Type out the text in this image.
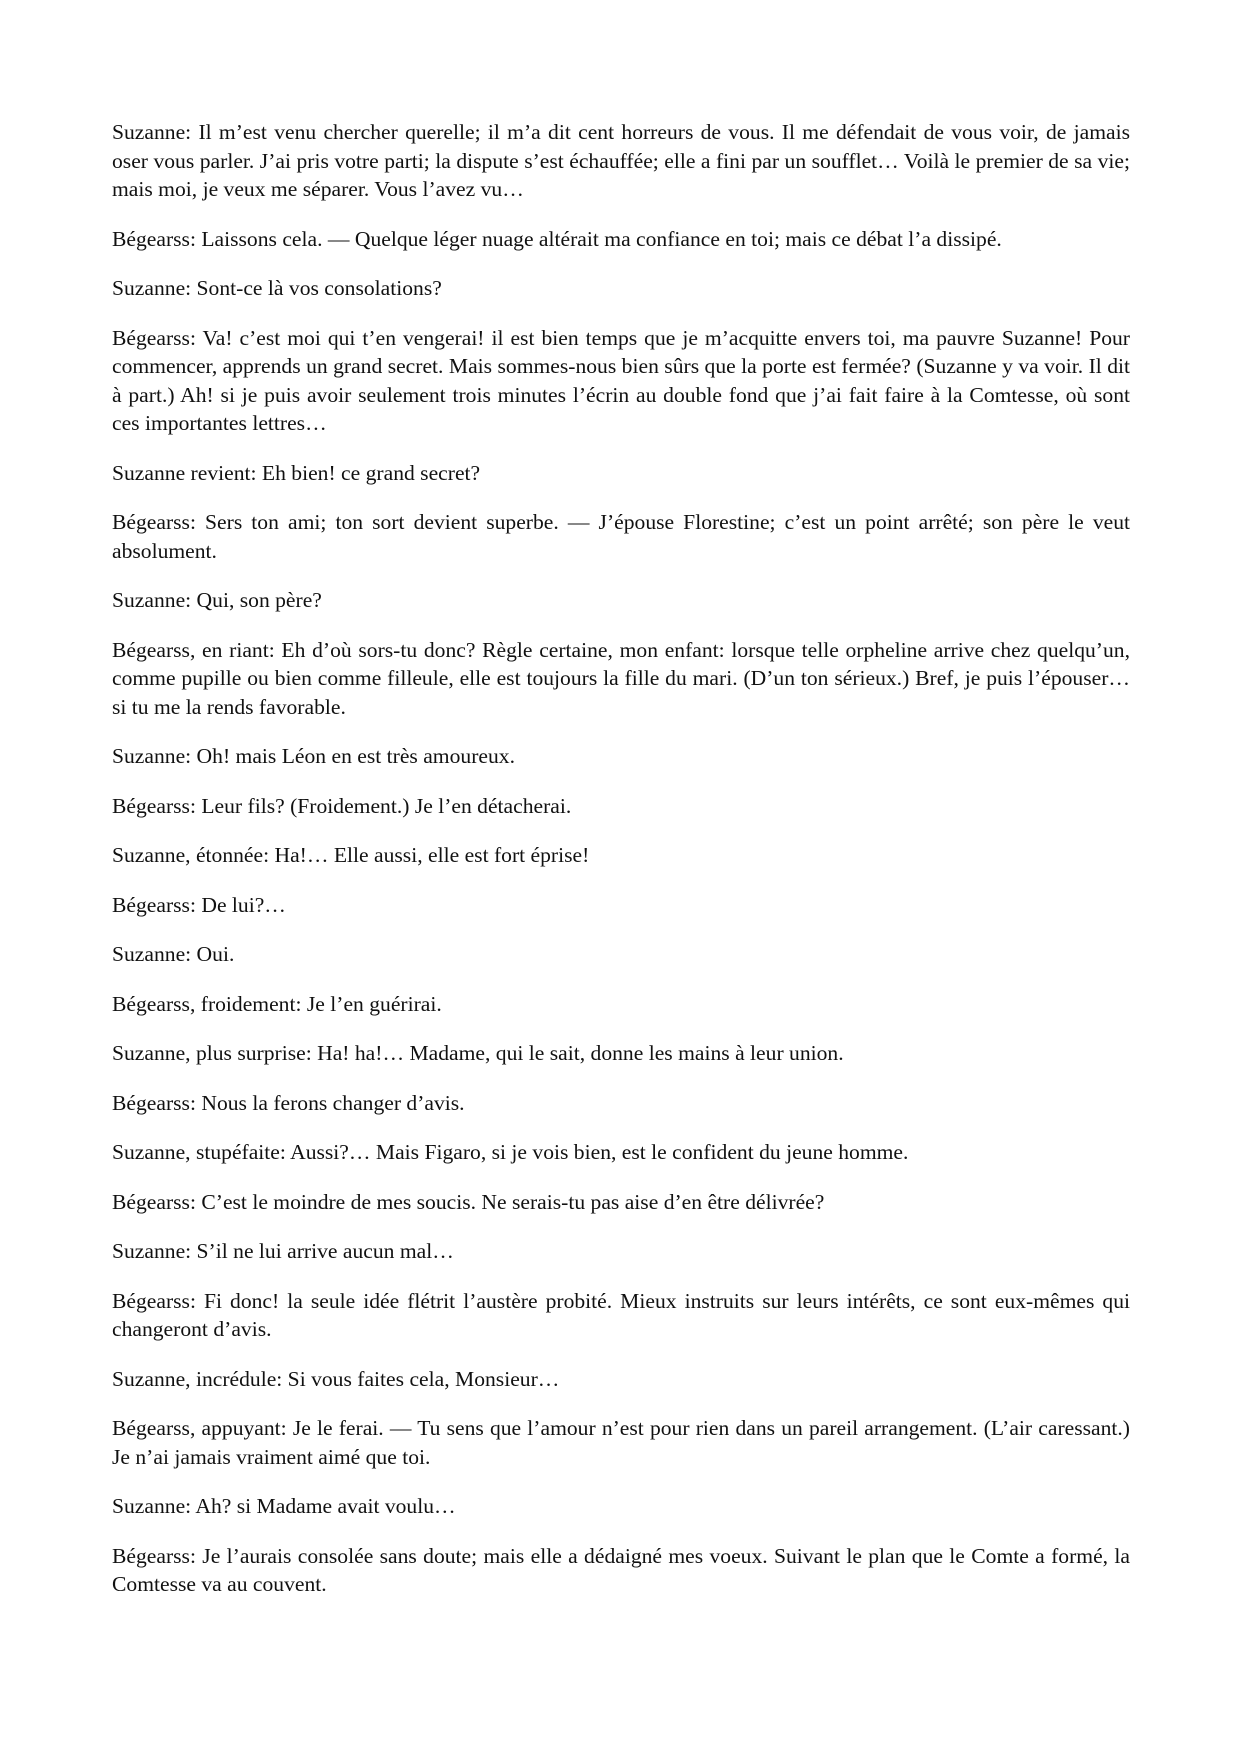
Suzanne: Il m’est venu chercher querelle; il m’a dit cent horreurs de vous. Il me défendait de vous voir, de jamais oser vous parler. J’ai pris votre parti; la dispute s’est échauffée; elle a fini par un soufflet… Voilà le premier de sa vie; mais moi, je veux me séparer. Vous l’avez vu…

Bégearss: Laissons cela. — Quelque léger nuage altérait ma confiance en toi; mais ce débat l’a dissipé.

Suzanne: Sont-ce là vos consolations?

Bégearss: Va! c’est moi qui t’en vengerai! il est bien temps que je m’acquitte envers toi, ma pauvre Suzanne! Pour commencer, apprends un grand secret. Mais sommes-nous bien sûrs que la porte est fermée? (Suzanne y va voir. Il dit à part.) Ah! si je puis avoir seulement trois minutes l’écrin au double fond que j’ai fait faire à la Comtesse, où sont ces importantes lettres…

Suzanne revient: Eh bien! ce grand secret?

Bégearss: Sers ton ami; ton sort devient superbe. — J’épouse Florestine; c’est un point arrêté; son père le veut absolument.

Suzanne: Qui, son père?

Bégearss, en riant: Eh d’où sors-tu donc? Règle certaine, mon enfant: lorsque telle orpheline arrive chez quelqu’un, comme pupille ou bien comme filleule, elle est toujours la fille du mari. (D’un ton sérieux.) Bref, je puis l’épouser… si tu me la rends favorable.

Suzanne: Oh! mais Léon en est très amoureux.

Bégearss: Leur fils? (Froidement.) Je l’en détacherai.

Suzanne, étonnée: Ha!… Elle aussi, elle est fort éprise!

Bégearss: De lui?…

Suzanne: Oui.

Bégearss, froidement: Je l’en guérirai.

Suzanne, plus surprise: Ha! ha!… Madame, qui le sait, donne les mains à leur union.

Bégearss: Nous la ferons changer d’avis.

Suzanne, stupéfaite: Aussi?… Mais Figaro, si je vois bien, est le confident du jeune homme.

Bégearss: C’est le moindre de mes soucis. Ne serais-tu pas aise d’en être délivrée?

Suzanne: S’il ne lui arrive aucun mal…

Bégearss: Fi donc! la seule idée flétrit l’austère probité. Mieux instruits sur leurs intérêts, ce sont eux-mêmes qui changeront d’avis.

Suzanne, incrédule: Si vous faites cela, Monsieur…

Bégearss, appuyant: Je le ferai. — Tu sens que l’amour n’est pour rien dans un pareil arrangement. (L’air caressant.) Je n’ai jamais vraiment aimé que toi.

Suzanne: Ah? si Madame avait voulu…

Bégearss: Je l’aurais consolée sans doute; mais elle a dédaigné mes voeux. Suivant le plan que le Comte a formé, la Comtesse va au couvent.
